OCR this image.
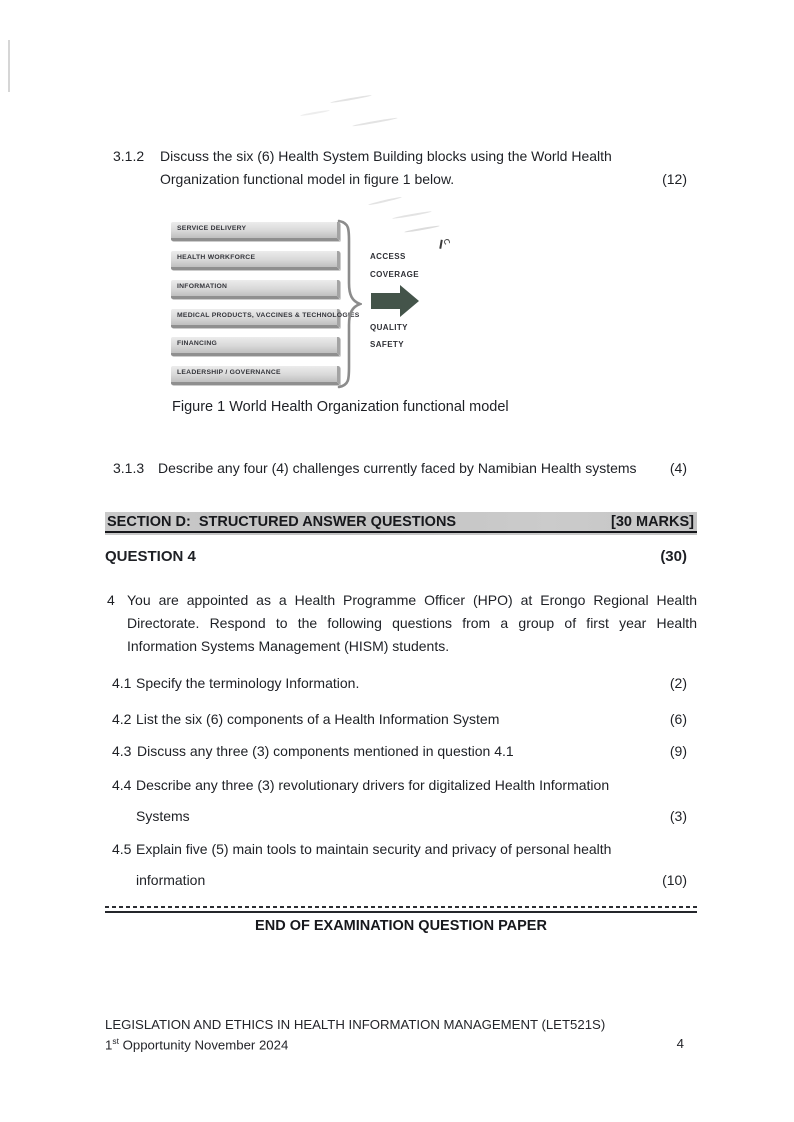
3.1.2 Discuss the six (6) Health System Building blocks using the World Health
Organization functional model in figure 1 below.	(12)
SERVICE DELIVERY
HEALTH WORKFORCE
INFORMATION
MEDICAL PRODUCTS, VACCINES & TECHNOLOGIES
FINANCING
LEADERSHIP / GOVERNANCE
ACCESS
COVERAGE
QUALITY
SAFETY
Figure 1 World Health Organization functional model
3.1.3 Describe any four (4) challenges currently faced by Namibian Health systems (4)
SECTION D:  STRUCTURED ANSWER QUESTIONS	[30 MARKS]
QUESTION 4	(30)
4 You are appointed as a Health Programme Officer (HPO) at Erongo Regional Health
Directorate. Respond to the following questions from a group of first year Health
Information Systems Management (HISM) students.
4.1 Specify the terminology Information.	(2)
4.2 List the six (6) components of a Health Information System	(6)
4.3 Discuss any three (3) components mentioned in question 4.1	(9)
4.4 Describe any three (3) revolutionary drivers for digitalized Health Information
Systems	(3)
4.5 Explain five (5) main tools to maintain security and privacy of personal health
information	(10)
END OF EXAMINATION QUESTION PAPER
LEGISLATION AND ETHICS IN HEALTH INFORMATION MANAGEMENT (LET521S)
1st Opportunity November 2024	4
